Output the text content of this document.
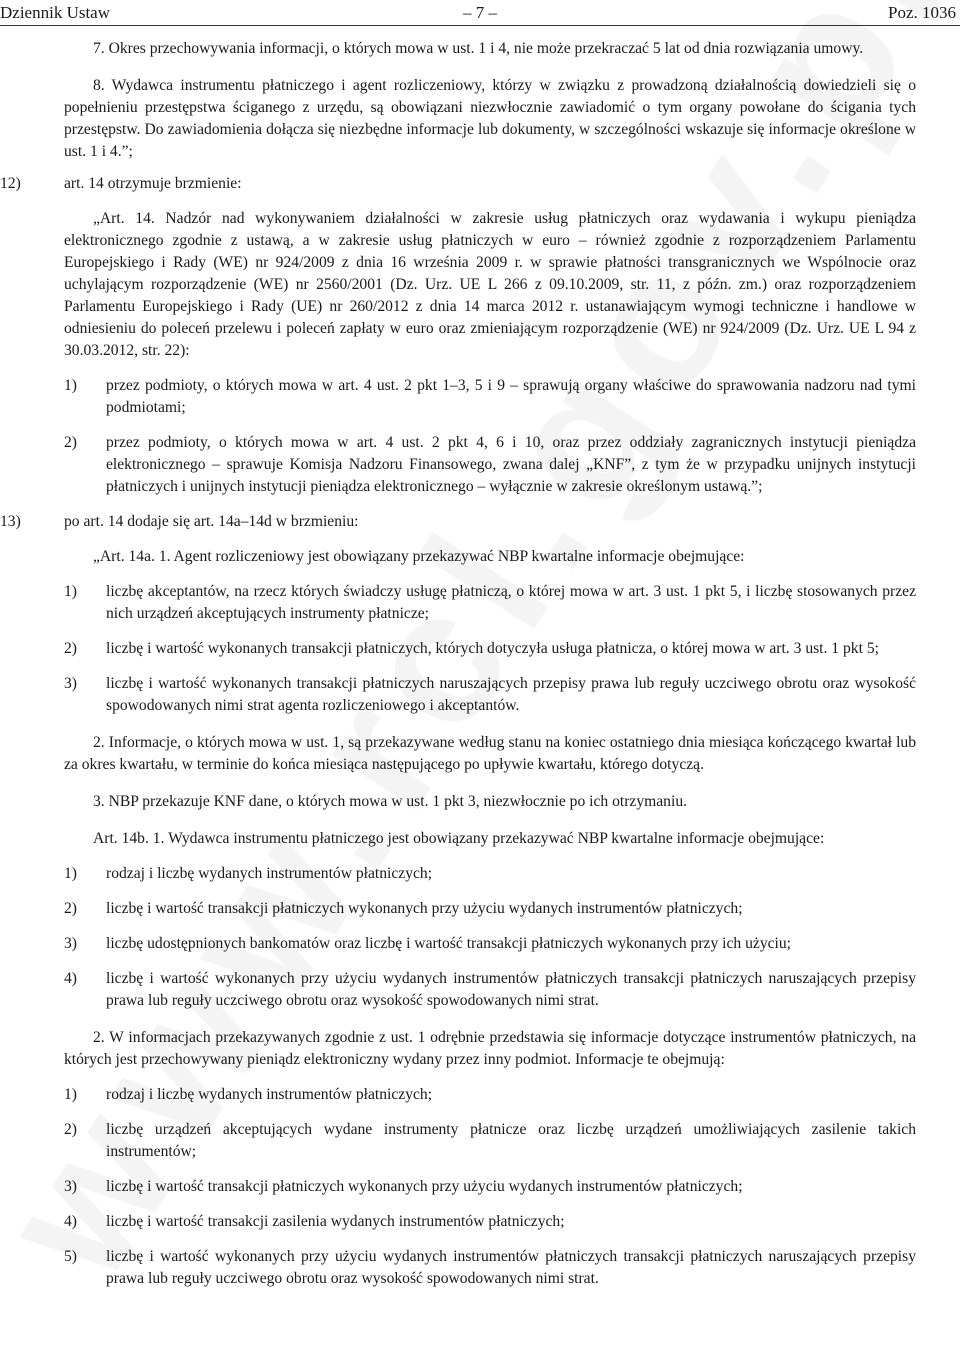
Dziennik Ustaw	– 7 –	Poz. 1036

7. Okres przechowywania informacji, o których mowa w ust. 1 i 4, nie może przekraczać 5 lat od dnia rozwiązania umowy.

8. Wydawca instrumentu płatniczego i agent rozliczeniowy, którzy w związku z prowadzoną działalnością dowiedzieli się o popełnieniu przestępstwa ściganego z urzędu, są obowiązani niezwłocznie zawiadomić o tym organy powołane do ścigania tych przestępstw. Do zawiadomienia dołącza się niezbędne informacje lub dokumenty, w szczególności wskazuje się informacje określone w ust. 1 i 4.”;

12)	art. 14 otrzymuje brzmienie:

„Art. 14. Nadzór nad wykonywaniem działalności w zakresie usług płatniczych oraz wydawania i wykupu pieniądza elektronicznego zgodnie z ustawą, a w zakresie usług płatniczych w euro – również zgodnie z rozporządzeniem Parlamentu Europejskiego i Rady (WE) nr 924/2009 z dnia 16 września 2009 r. w sprawie płatności transgranicznych we Wspólnocie oraz uchylającym rozporządzenie (WE) nr 2560/2001 (Dz. Urz. UE L 266 z 09.10.2009, str. 11, z późn. zm.) oraz rozporządzeniem Parlamentu Europejskiego i Rady (UE) nr 260/2012 z dnia 14 marca 2012 r. ustanawiającym wymogi techniczne i handlowe w odniesieniu do poleceń przelewu i poleceń zapłaty w euro oraz zmieniającym rozporządzenie (WE) nr 924/2009 (Dz. Urz. UE L 94 z 30.03.2012, str. 22):

1) przez podmioty, o których mowa w art. 4 ust. 2 pkt 1–3, 5 i 9 – sprawują organy właściwe do sprawowania nadzoru nad tymi podmiotami;
2) przez podmioty, o których mowa w art. 4 ust. 2 pkt 4, 6 i 10, oraz przez oddziały zagranicznych instytucji pieniądza elektronicznego – sprawuje Komisja Nadzoru Finansowego, zwana dalej „KNF”, z tym że w przypadku unijnych instytucji płatniczych i unijnych instytucji pieniądza elektronicznego – wyłącznie w zakresie określonym ustawą.”;
13)	po art. 14 dodaje się art. 14a–14d w brzmieniu:

„Art. 14a. 1. Agent rozliczeniowy jest obowiązany przekazywać NBP kwartalne informacje obejmujące:

1) liczbę akceptantów, na rzecz których świadczy usługę płatniczą, o której mowa w art. 3 ust. 1 pkt 5, i liczbę stosowanych przez nich urządzeń akceptujących instrumenty płatnicze;
2) liczbę i wartość wykonanych transakcji płatniczych, których dotyczyła usługa płatnicza, o której mowa w art. 3 ust. 1 pkt 5;
3) liczbę i wartość wykonanych transakcji płatniczych naruszających przepisy prawa lub reguły uczciwego obrotu oraz wysokość spowodowanych nimi strat agenta rozliczeniowego i akceptantów.

2. Informacje, o których mowa w ust. 1, są przekazywane według stanu na koniec ostatniego dnia miesiąca kończącego kwartał lub za okres kwartału, w terminie do końca miesiąca następującego po upływie kwartału, którego dotyczą.

3. NBP przekazuje KNF dane, o których mowa w ust. 1 pkt 3, niezwłocznie po ich otrzymaniu.

Art. 14b. 1. Wydawca instrumentu płatniczego jest obowiązany przekazywać NBP kwartalne informacje obejmujące:

1) rodzaj i liczbę wydanych instrumentów płatniczych;
2) liczbę i wartość transakcji płatniczych wykonanych przy użyciu wydanych instrumentów płatniczych;
3) liczbę udostępnionych bankomatów oraz liczbę i wartość transakcji płatniczych wykonanych przy ich użyciu;
4) liczbę i wartość wykonanych przy użyciu wydanych instrumentów płatniczych transakcji płatniczych naruszających przepisy prawa lub reguły uczciwego obrotu oraz wysokość spowodowanych nimi strat.

2. W informacjach przekazywanych zgodnie z ust. 1 odrębnie przedstawia się informacje dotyczące instrumentów płatniczych, na których jest przechowywany pieniądz elektroniczny wydany przez inny podmiot. Informacje te obejmują:

1) rodzaj i liczbę wydanych instrumentów płatniczych;
2) liczbę urządzeń akceptujących wydane instrumenty płatnicze oraz liczbę urządzeń umożliwiających zasilenie takich instrumentów;
3) liczbę i wartość transakcji płatniczych wykonanych przy użyciu wydanych instrumentów płatniczych;
4) liczbę i wartość transakcji zasilenia wydanych instrumentów płatniczych;
5) liczbę i wartość wykonanych przy użyciu wydanych instrumentów płatniczych transakcji płatniczych naruszających przepisy prawa lub reguły uczciwego obrotu oraz wysokość spowodowanych nimi strat.
